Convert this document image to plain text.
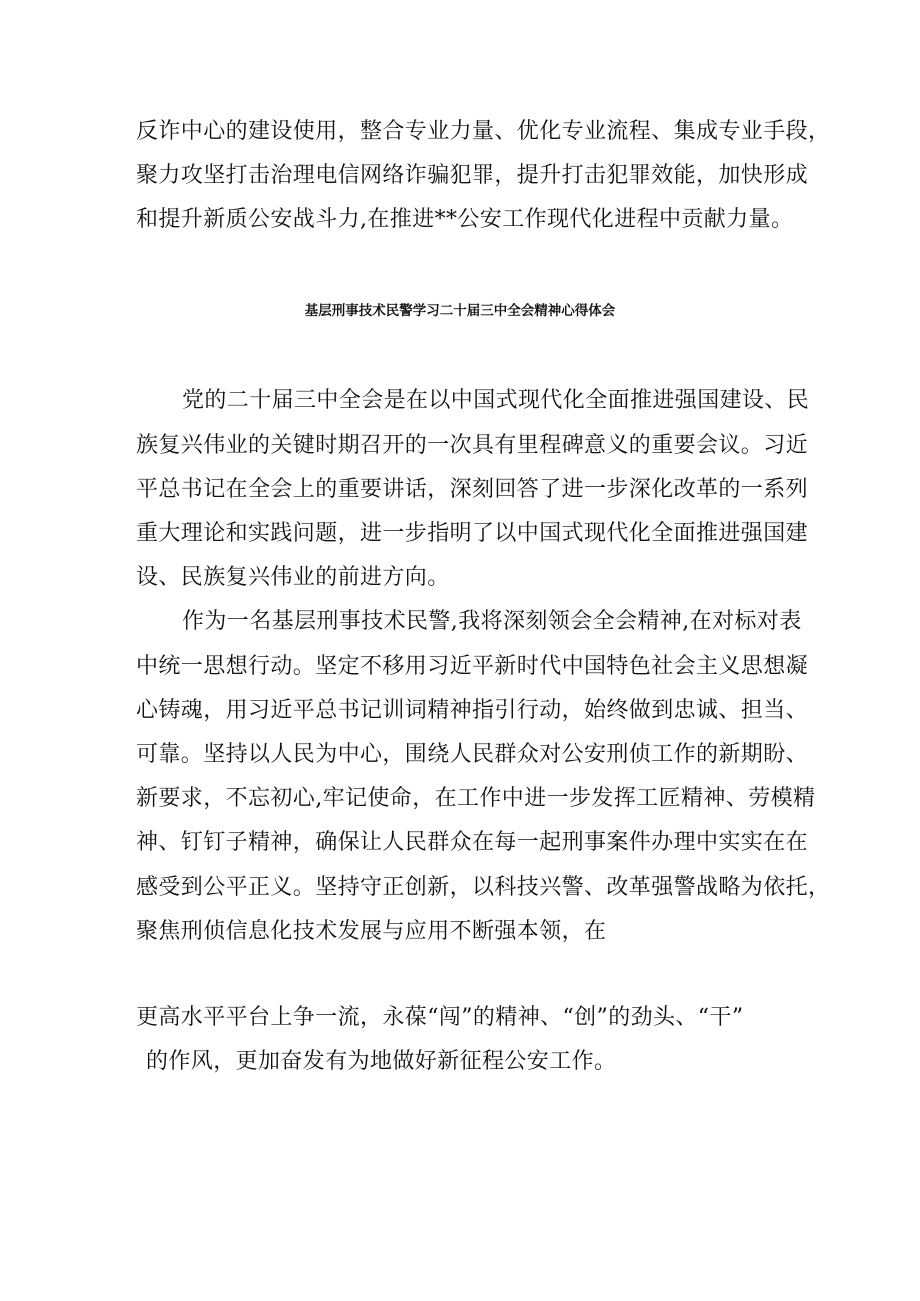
反诈中心的建设使用，整合专业力量、优化专业流程、集成专业手段，
聚力攻坚打击治理电信网络诈骗犯罪，提升打击犯罪效能，加快形成
和提升新质公安战斗力,在推进**公安工作现代化进程中贡献力量。
基层刑事技术民警学习二十届三中全会精神心得体会
党的二十届三中全会是在以中国式现代化全面推进强国建设、民
族复兴伟业的关键时期召开的一次具有里程碑意义的重要会议。习近
平总书记在全会上的重要讲话，深刻回答了进一步深化改革的一系列
重大理论和实践问题，进一步指明了以中国式现代化全面推进强国建
设、民族复兴伟业的前进方向。
作为一名基层刑事技术民警,我将深刻领会全会精神,在对标对表
中统一思想行动。坚定不移用习近平新时代中国特色社会主义思想凝
心铸魂，用习近平总书记训词精神指引行动，始终做到忠诚、担当、
可靠。坚持以人民为中心，围绕人民群众对公安刑侦工作的新期盼、
新要求，不忘初心,牢记使命，在工作中进一步发挥工匠精神、劳模精
神、钉钉子精神，确保让人民群众在每一起刑事案件办理中实实在在
感受到公平正义。坚持守正创新，以科技兴警、改革强警战略为依托，
聚焦刑侦信息化技术发展与应用不断强本领，在
更高水平平台上争一流，永葆“闯”的精神、“创”的劲头、“干”
的作风，更加奋发有为地做好新征程公安工作。
